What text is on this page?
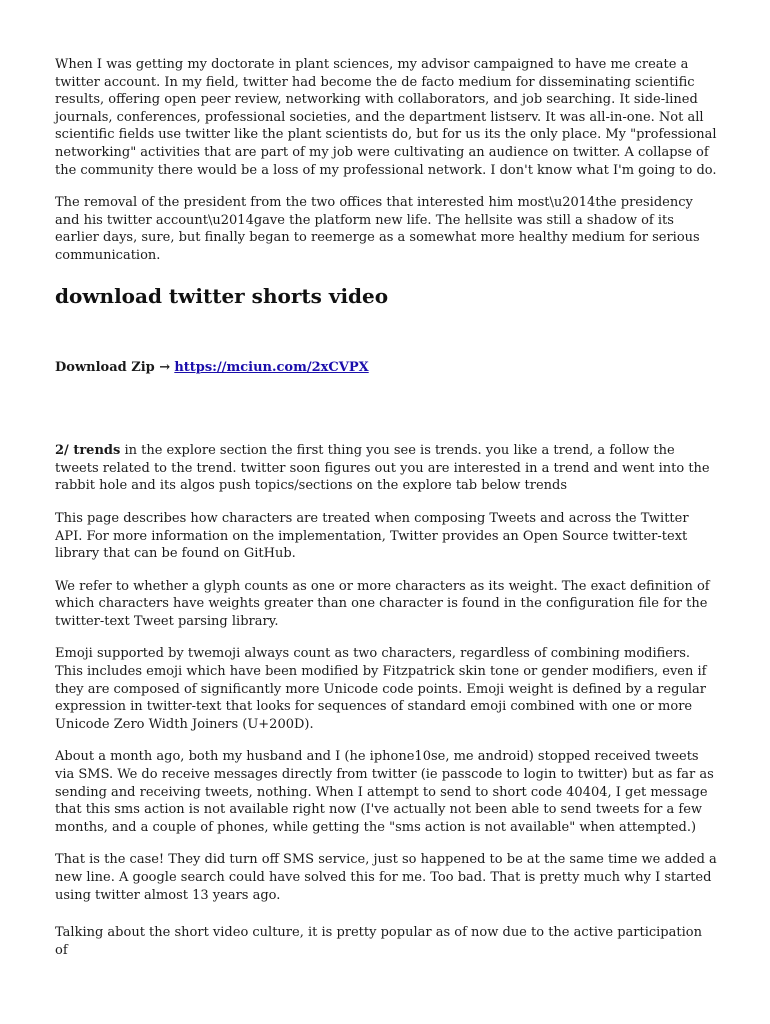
When I was getting my doctorate in plant sciences, my advisor campaigned to have me create a twitter account. In my field, twitter had become the de facto medium for disseminating scientific results, offering open peer review, networking with collaborators, and job searching. It side-lined journals, conferences, professional societies, and the department listserv. It was all-in-one. Not all scientific fields use twitter like the plant scientists do, but for us its the only place. My "professional networking" activities that are part of my job were cultivating an audience on twitter. A collapse of the community there would be a loss of my professional network. I don't know what I'm going to do.

The removal of the president from the two offices that interested him most\u2014the presidency and his twitter account\u2014gave the platform new life. The hellsite was still a shadow of its earlier days, sure, but finally began to reemerge as a somewhat more healthy medium for serious communication.

download twitter shorts video
Download Zip → https://mciun.com/2xCVPX

2/ trends in the explore section the first thing you see is trends. you like a trend, a follow the tweets related to the trend. twitter soon figures out you are interested in a trend and went into the rabbit hole and its algos push topics/sections on the explore tab below trends

This page describes how characters are treated when composing Tweets and across the Twitter API. For more information on the implementation, Twitter provides an Open Source twitter-text library that can be found on GitHub.

We refer to whether a glyph counts as one or more characters as its weight. The exact definition of which characters have weights greater than one character is found in the configuration file for the twitter-text Tweet parsing library.

Emoji supported by twemoji always count as two characters, regardless of combining modifiers. This includes emoji which have been modified by Fitzpatrick skin tone or gender modifiers, even if they are composed of significantly more Unicode code points. Emoji weight is defined by a regular expression in twitter-text that looks for sequences of standard emoji combined with one or more Unicode Zero Width Joiners (U+200D).

About a month ago, both my husband and I (he iphone10se, me android) stopped received tweets via SMS. We do receive messages directly from twitter (ie passcode to login to twitter) but as far as sending and receiving tweets, nothing. When I attempt to send to short code 40404, I get message that this sms action is not available right now (I've actually not been able to send tweets for a few months, and a couple of phones, while getting the "sms action is not available" when attempted.)

That is the case! They did turn off SMS service, just so happened to be at the same time we added a new line. A google search could have solved this for me. Too bad. That is pretty much why I started using twitter almost 13 years ago.

Talking about the short video culture, it is pretty popular as of now due to the active participation of
